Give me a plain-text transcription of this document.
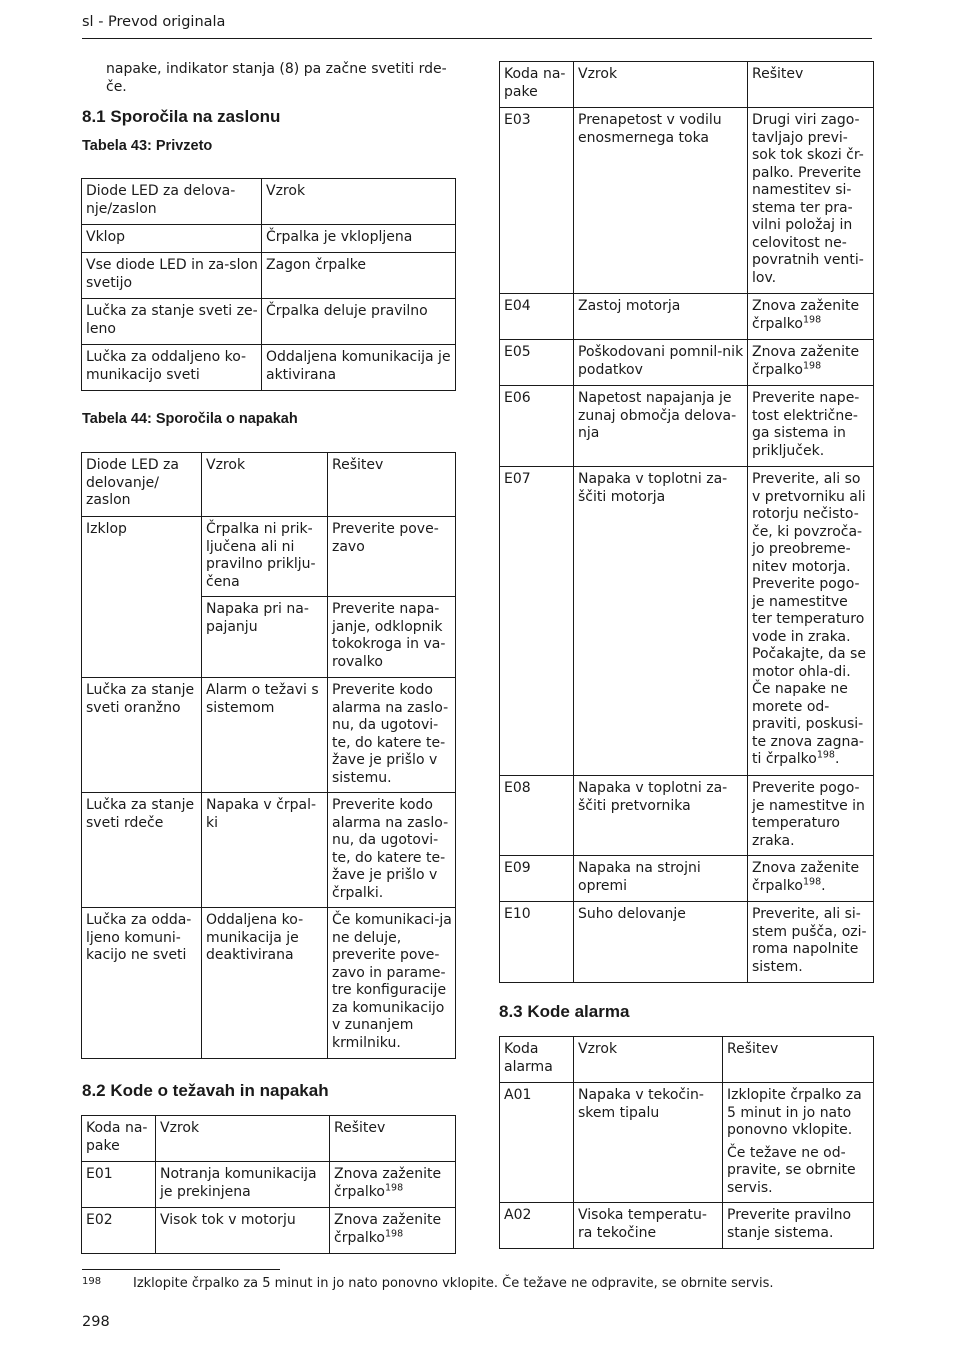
sl - Prevod originala
napake, indikator stanja (8) pa začne svetiti rde-če.
8.1 Sporočila na zaslonu
Tabela 43: Privzeto
Diode LED za delova-nje/zaslon	Vzrok
Vklop	Črpalka je vklopljena
Vse diode LED in za-slon svetijo	Zagon črpalke
Lučka za stanje sveti ze-leno	Črpalka deluje pravilno
Lučka za oddaljeno ko-munikacijo sveti	Oddaljena komunikacija je aktivirana
Tabela 44: Sporočila o napakah
Diode LED za delovanje/ zaslon	Vzrok	Rešitev
Izklop	Črpalka ni prik-ljučena ali ni pravilno priklju-čena	Preverite pove-zavo
	Napaka pri na-pajanju	Preverite napa-janje, odklopnik tokokroga in va-rovalko
Lučka za stanje sveti oranžno	Alarm o težavi s sistemom	Preverite kodo alarma na zaslo-nu, da ugotovi-te, do katere te-žave je prišlo v sistemu.
Lučka za stanje sveti rdeče	Napaka v črpal-ki	Preverite kodo alarma na zaslo-nu, da ugotovi-te, do katere te-žave je prišlo v črpalki.
Lučka za odda-ljeno komuni-kacijo ne sveti	Oddaljena ko-munikacija je deaktivirana	Če komunikaci-ja ne deluje, preverite pove-zavo in parame-tre konfiguracije za komunikacijo v zunanjem krmilniku.
8.2 Kode o težavah in napakah
Koda na-pake	Vzrok	Rešitev
E01	Notranja komunikacija je prekinjena	Znova zaženite črpalko$^{198}$
E02	Visok tok v motorju	Znova zaženite črpalko$^{198}$
Koda na-pake	Vzrok	Rešitev
E03	Prenapetost v vodilu enosmernega toka	Drugi viri zago-tavljajo previ-sok tok skozi čr-palko. Preverite namestitev si-stema ter pra-vilni položaj in celovitost ne-povratnih venti-lov.
E04	Zastoj motorja	Znova zaženite črpalko$^{198}$
E05	Poškodovani pomnil-nik podatkov	Znova zaženite črpalko$^{198}$
E06	Napetost napajanja je zunaj območja delova-nja	Preverite nape-tost električne-ga sistema in priključek.
E07	Napaka v toplotni za-ščiti motorja	Preverite, ali so v pretvorniku ali rotorju nečisto-če, ki povzroča-jo preobreme-nitev motorja. Preverite pogo-je namestitve ter temperaturo vode in zraka. Počakajte, da se motor ohla-di. Če napake ne morete od-praviti, poskusi-te znova zagna-ti črpalko$^{198}$.
E08	Napaka v toplotni za-ščiti pretvornika	Preverite pogo-je namestitve in temperaturo zraka.
E09	Napaka na strojni opremi	Znova zaženite črpalko$^{198}$.
E10	Suho delovanje	Preverite, ali si-stem pušča, ozi-roma napolnite sistem.
8.3 Kode alarma
Koda alarma	Vzrok	Rešitev
A01	Napaka v tekočin-skem tipalu	Izklopite črpalko za 5 minut in jo nato ponovno vklopite.
Če težave ne od-pravite, se obrnite servis.

A02	Visoka temperatu-ra tekočine	Preverite pravilno stanje sistema.
198 Izklopite črpalko za 5 minut in jo nato ponovno vklopite. Če težave ne odpravite, se obrnite servis.
298
